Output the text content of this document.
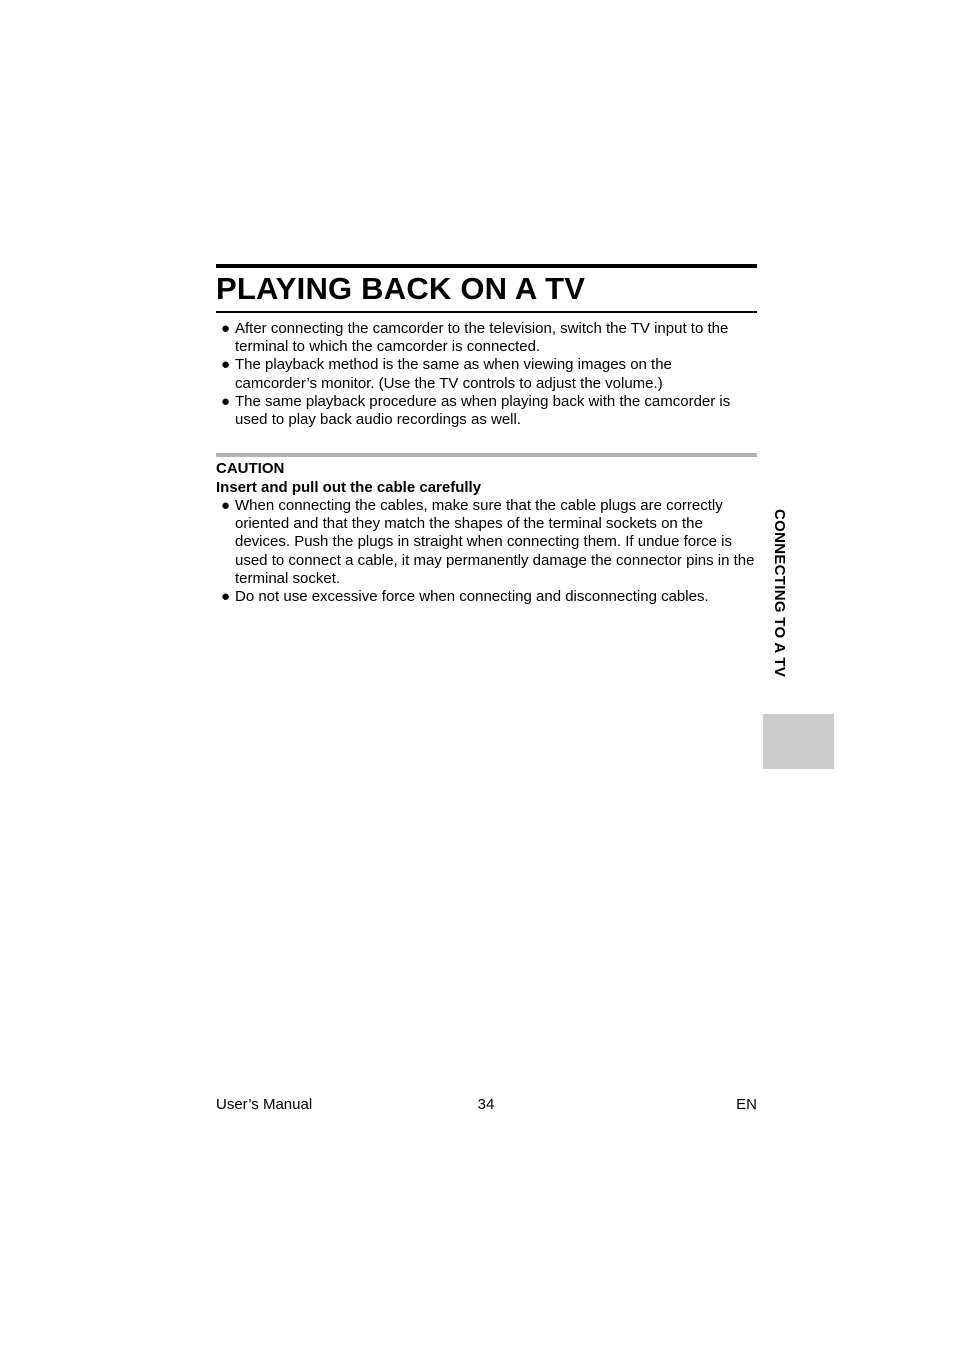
PLAYING BACK ON A TV
● After connecting the camcorder to the television, switch the TV input to the terminal to which the camcorder is connected.
● The playback method is the same as when viewing images on the camcorder’s monitor. (Use the TV controls to adjust the volume.)
● The same playback procedure as when playing back with the camcorder is used to play back audio recordings as well.
CAUTION
Insert and pull out the cable carefully
● When connecting the cables, make sure that the cable plugs are correctly oriented and that they match the shapes of the terminal sockets on the devices. Push the plugs in straight when connecting them. If undue force is used to connect a cable, it may permanently damage the connector pins in the terminal socket.
● Do not use excessive force when connecting and disconnecting cables.	CONNECTING TO A TV
User’s Manual	34	EN
